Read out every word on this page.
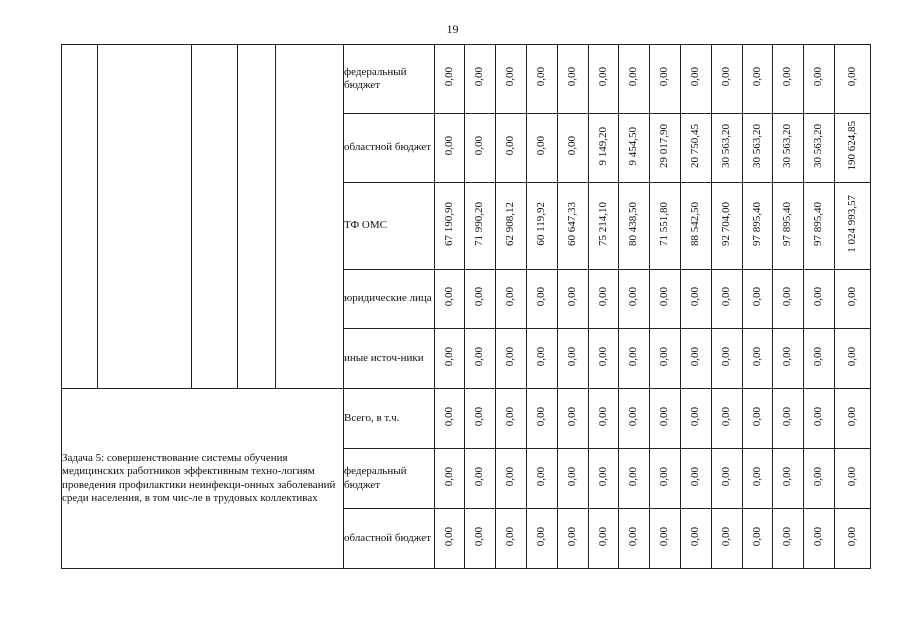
19
					федеральный бюджет	0,00	0,00	0,00	0,00	0,00	0,00	0,00	0,00	0,00	0,00	0,00	0,00	0,00	0,00
					областной бюджет	0,00	0,00	0,00	0,00	0,00	9 149,20	9 454,50	29 017,90	20 750,45	30 563,20	30 563,20	30 563,20	30 563,20	190 624,85
					ТФ ОМС	67 190,90	71 990,20	62 908,12	60 119,92	60 647,33	75 214,10	80 438,50	71 551,80	88 542,50	92 704,00	97 895,40	97 895,40	97 895,40	1 024 993,57
					юридические лица	0,00	0,00	0,00	0,00	0,00	0,00	0,00	0,00	0,00	0,00	0,00	0,00	0,00	0,00
					иные источ-ники	0,00	0,00	0,00	0,00	0,00	0,00	0,00	0,00	0,00	0,00	0,00	0,00	0,00	0,00
Задача 5: совершенствование системы обучения медицинских работников эффективным техно-логиям проведения профилактики неинфекци-онных заболеваний среди населения, в том чис-ле в трудовых коллективах					Всего, в т.ч.	0,00	0,00	0,00	0,00	0,00	0,00	0,00	0,00	0,00	0,00	0,00	0,00	0,00	0,00
					федеральный бюджет	0,00	0,00	0,00	0,00	0,00	0,00	0,00	0,00	0,00	0,00	0,00	0,00	0,00	0,00
					областной бюджет	0,00	0,00	0,00	0,00	0,00	0,00	0,00	0,00	0,00	0,00	0,00	0,00	0,00	0,00
